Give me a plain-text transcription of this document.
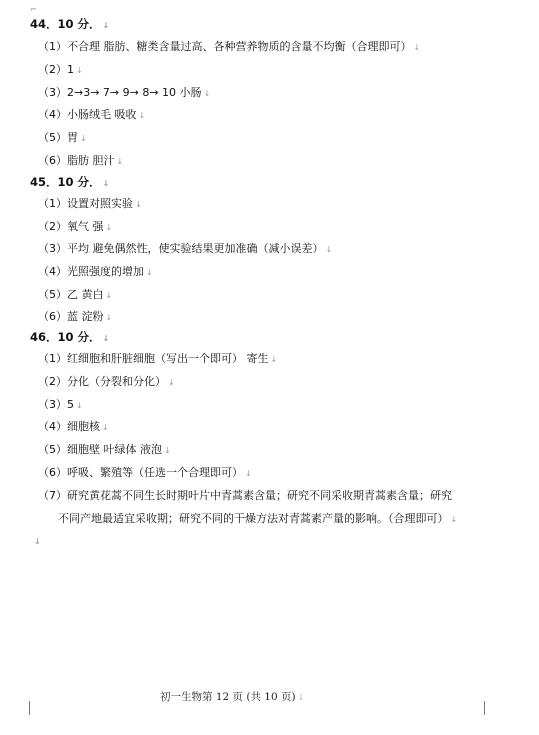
⌐
44．10 分． ↓
（1）不合理 脂肪、糖类含量过高、各种营养物质的含量不均衡（合理即可） ↓
（2）1 ↓
（3）2→3→ 7→ 9→ 8→ 10 小肠 ↓
（4）小肠绒毛 吸收 ↓
（5）胃 ↓
（6）脂肪 胆汁 ↓
45．10 分． ↓
（1）设置对照实验 ↓
（2）氧气 强 ↓
（3）平均 避免偶然性，使实验结果更加准确（减小误差） ↓
（4）光照强度的增加 ↓
（5）乙 黄白 ↓
（6）蓝 淀粉 ↓
46．10 分． ↓
（1）红细胞和肝脏细胞（写出一个即可） 寄生 ↓
（2）分化（分裂和分化） ↓
（3）5 ↓
（4）细胞核 ↓
（5）细胞壁 叶绿体 液泡 ↓
（6）呼吸、繁殖等（任选一个合理即可） ↓
（7）研究黄花蒿不同生长时期叶片中青蒿素含量；研究不同采收期青蒿素含量；研究
不同产地最适宜采收期；研究不同的干燥方法对青蒿素产量的影响。（合理即可） ↓
↓
初一生物第 12 页 (共 10 页) ↓
